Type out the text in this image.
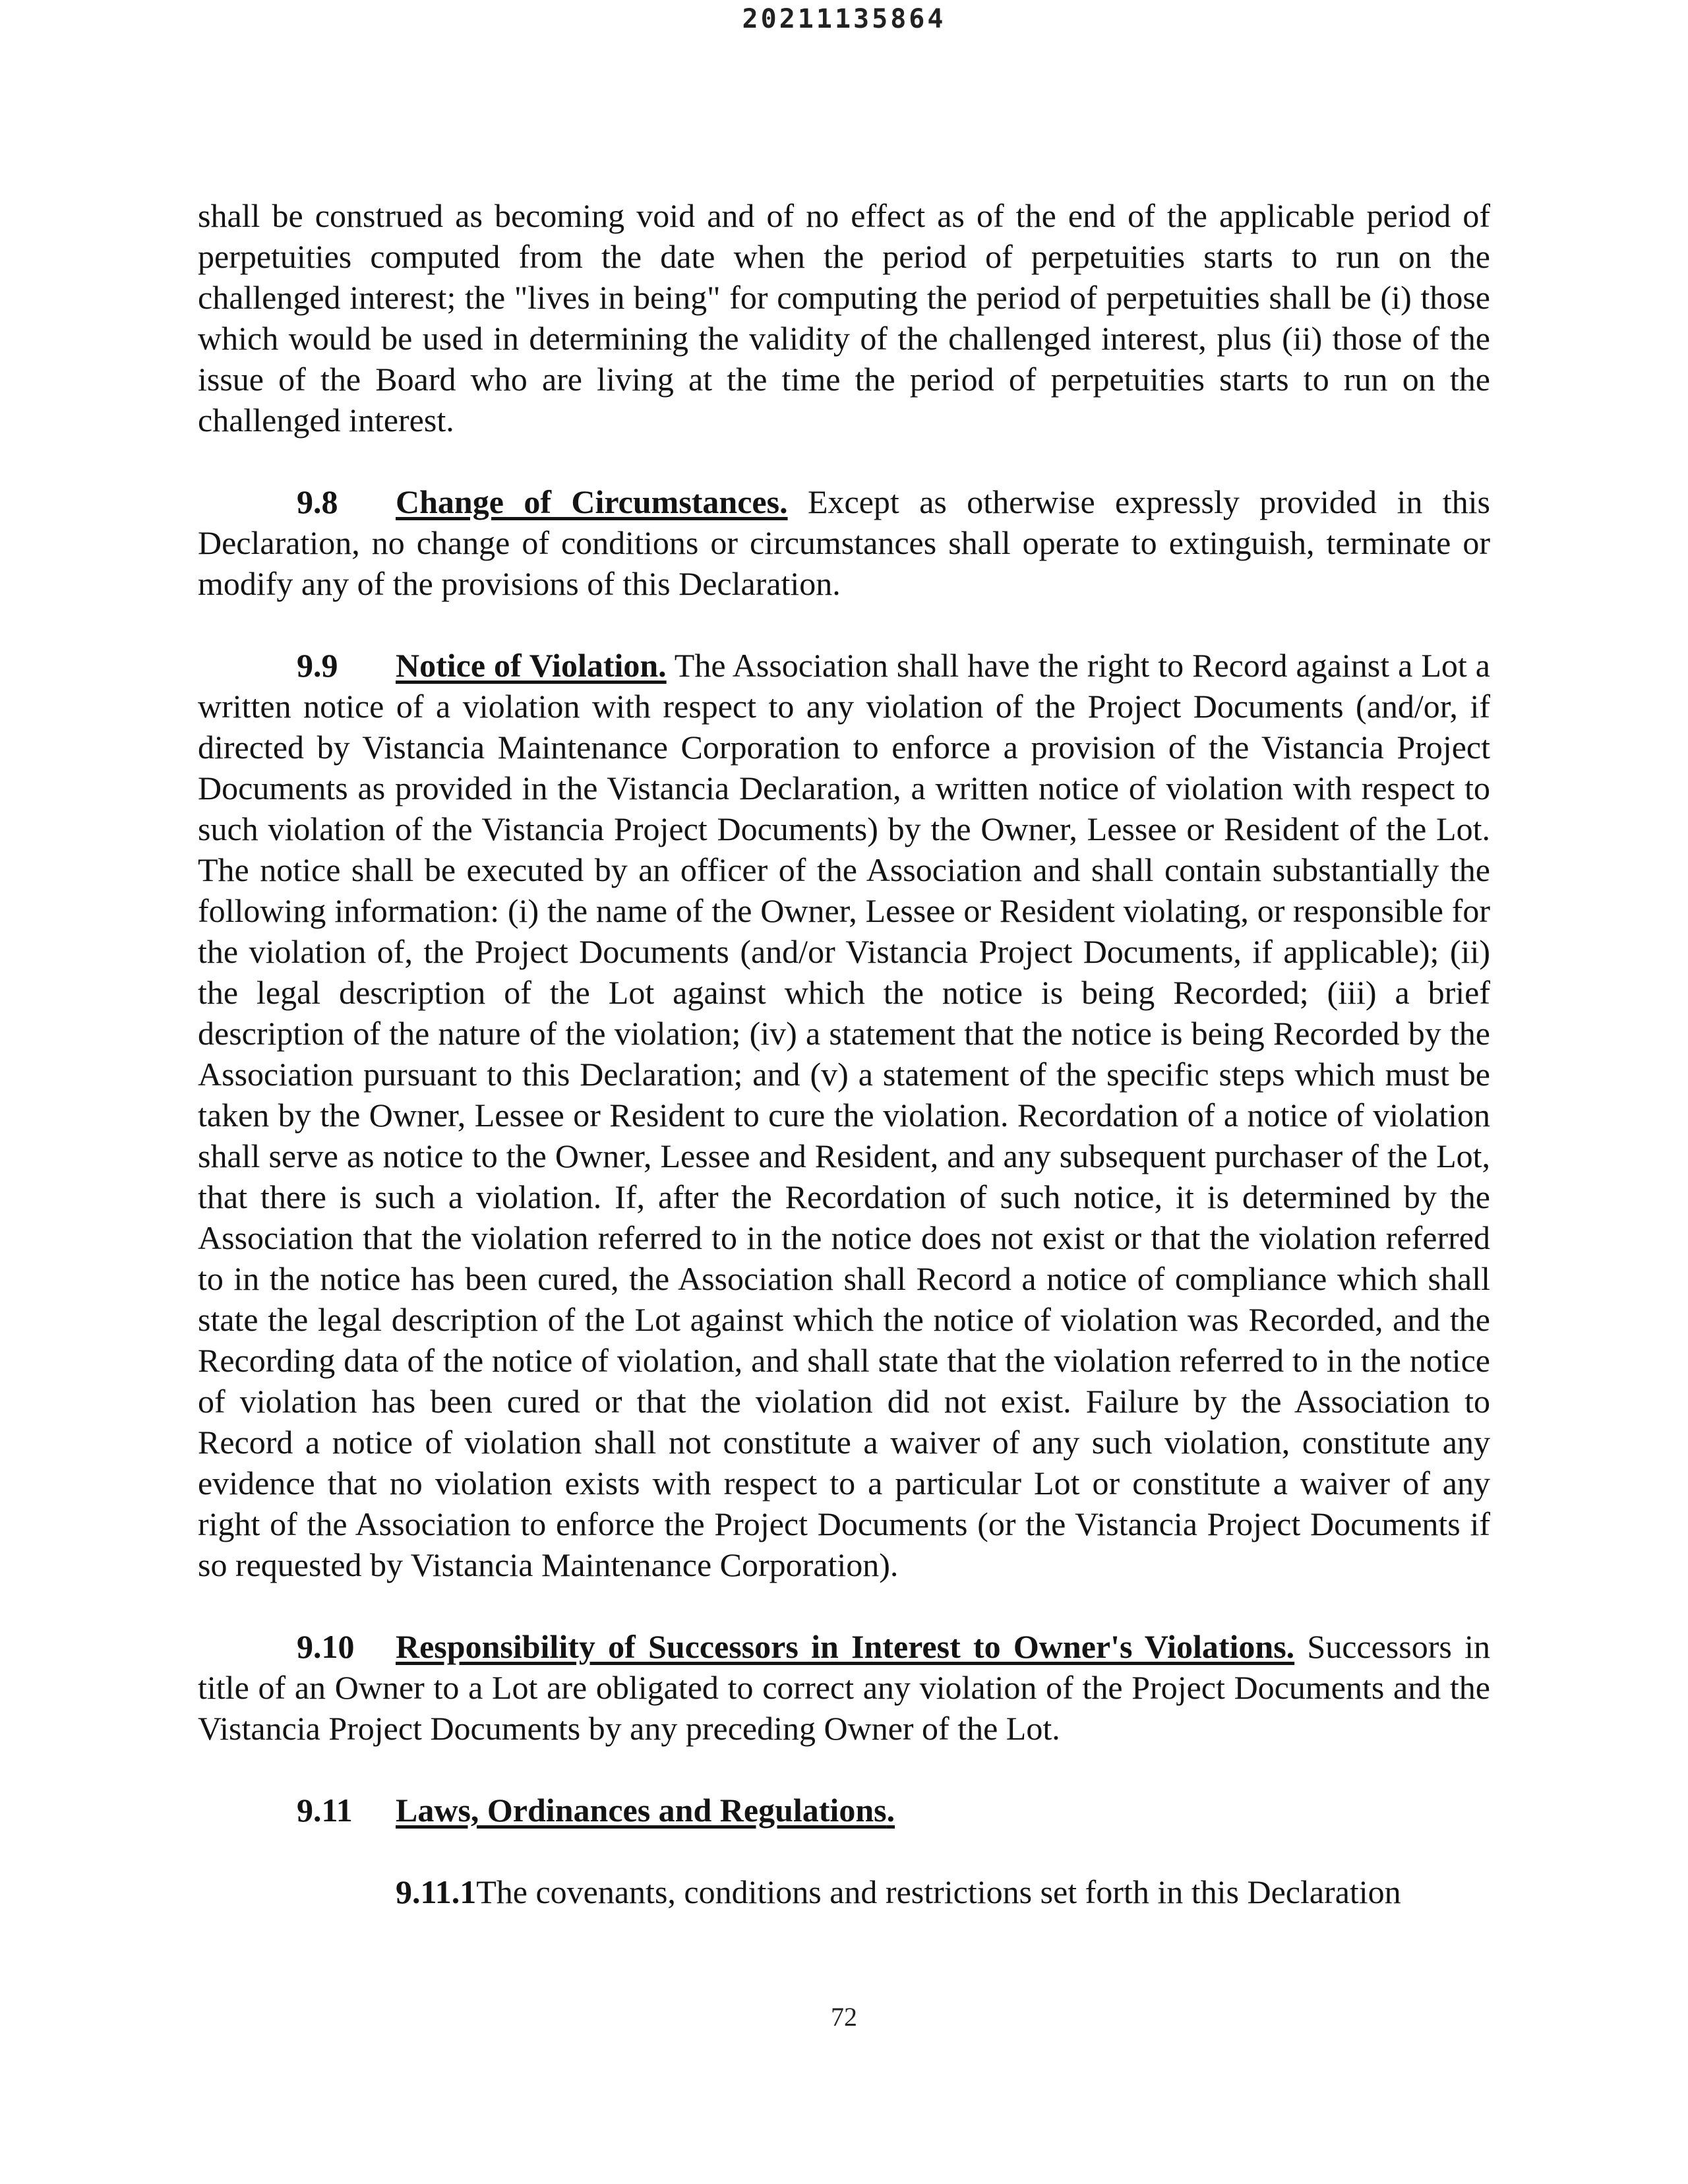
20211135864

shall be construed as becoming void and of no effect as of the end of the applicable period of perpetuities computed from the date when the period of perpetuities starts to run on the challenged interest; the "lives in being" for computing the period of perpetuities shall be (i) those which would be used in determining the validity of the challenged interest, plus (ii) those of the issue of the Board who are living at the time the period of perpetuities starts to run on the challenged interest.

9.8 Change of Circumstances. Except as otherwise expressly provided in this Declaration, no change of conditions or circumstances shall operate to extinguish, terminate or modify any of the provisions of this Declaration.

9.9 Notice of Violation. The Association shall have the right to Record against a Lot a written notice of a violation with respect to any violation of the Project Documents (and/or, if directed by Vistancia Maintenance Corporation to enforce a provision of the Vistancia Project Documents as provided in the Vistancia Declaration, a written notice of violation with respect to such violation of the Vistancia Project Documents) by the Owner, Lessee or Resident of the Lot. The notice shall be executed by an officer of the Association and shall contain substantially the following information: (i) the name of the Owner, Lessee or Resident violating, or responsible for the violation of, the Project Documents (and/or Vistancia Project Documents, if applicable); (ii) the legal description of the Lot against which the notice is being Recorded; (iii) a brief description of the nature of the violation; (iv) a statement that the notice is being Recorded by the Association pursuant to this Declaration; and (v) a statement of the specific steps which must be taken by the Owner, Lessee or Resident to cure the violation. Recordation of a notice of violation shall serve as notice to the Owner, Lessee and Resident, and any subsequent purchaser of the Lot, that there is such a violation. If, after the Recordation of such notice, it is determined by the Association that the violation referred to in the notice does not exist or that the violation referred to in the notice has been cured, the Association shall Record a notice of compliance which shall state the legal description of the Lot against which the notice of violation was Recorded, and the Recording data of the notice of violation, and shall state that the violation referred to in the notice of violation has been cured or that the violation did not exist. Failure by the Association to Record a notice of violation shall not constitute a waiver of any such violation, constitute any evidence that no violation exists with respect to a particular Lot or constitute a waiver of any right of the Association to enforce the Project Documents (or the Vistancia Project Documents if so requested by Vistancia Maintenance Corporation).

9.10 Responsibility of Successors in Interest to Owner's Violations. Successors in title of an Owner to a Lot are obligated to correct any violation of the Project Documents and the Vistancia Project Documents by any preceding Owner of the Lot.

9.11 Laws, Ordinances and Regulations.

9.11.1The covenants, conditions and restrictions set forth in this Declaration

72
